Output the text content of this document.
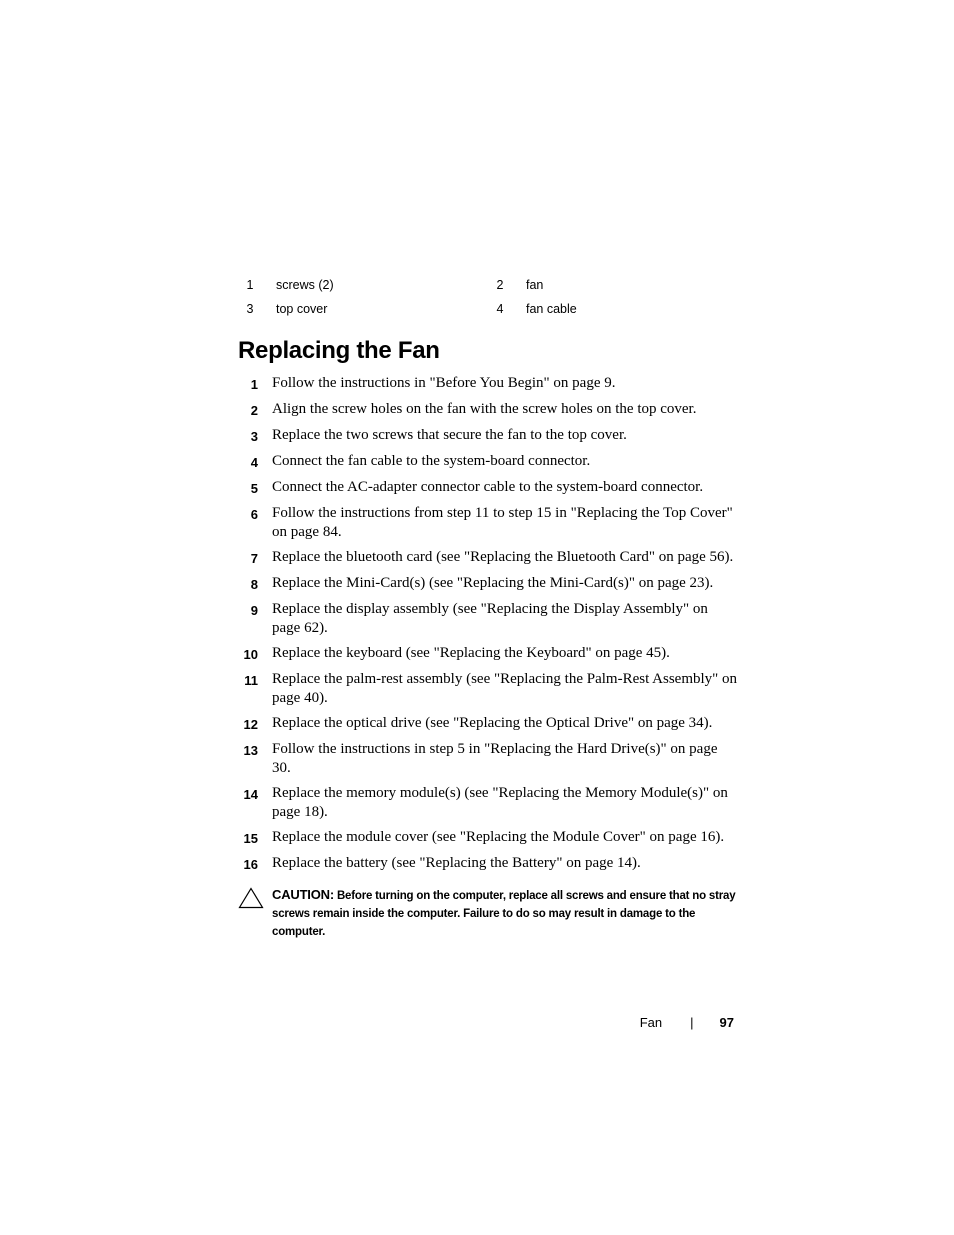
1	screws (2)	2	fan
3	top cover	4	fan cable
Replacing the Fan
1 Follow the instructions in "Before You Begin" on page 9.
2 Align the screw holes on the fan with the screw holes on the top cover.
3 Replace the two screws that secure the fan to the top cover.
4 Connect the fan cable to the system-board connector.
5 Connect the AC-adapter connector cable to the system-board connector.
6 Follow the instructions from step 11 to step 15 in "Replacing the Top Cover" on page 84.
7 Replace the bluetooth card (see "Replacing the Bluetooth Card" on page 56).
8 Replace the Mini-Card(s) (see "Replacing the Mini-Card(s)" on page 23).
9 Replace the display assembly (see "Replacing the Display Assembly" on page 62).
10 Replace the keyboard (see "Replacing the Keyboard" on page 45).
11 Replace the palm-rest assembly (see "Replacing the Palm-Rest Assembly" on page 40).
12 Replace the optical drive (see "Replacing the Optical Drive" on page 34).
13 Follow the instructions in step 5 in "Replacing the Hard Drive(s)" on page 30.
14 Replace the memory module(s) (see "Replacing the Memory Module(s)" on page 18).
15 Replace the module cover (see "Replacing the Module Cover" on page 16).
16 Replace the battery (see "Replacing the Battery" on page 14).
CAUTION: Before turning on the computer, replace all screws and ensure that no stray screws remain inside the computer. Failure to do so may result in damage to the computer.
Fan | 97
